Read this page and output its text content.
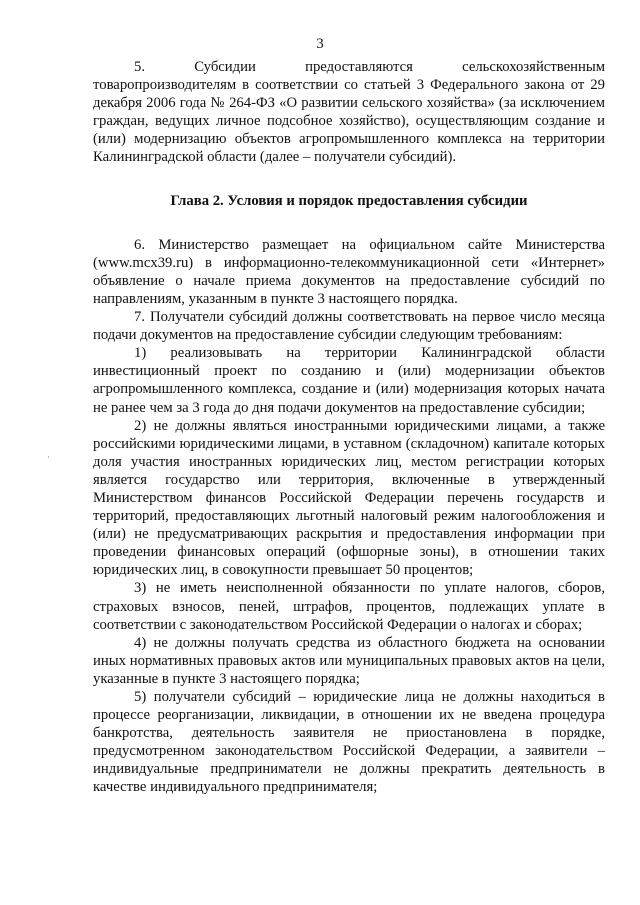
3
·

5. Субсидии предоставляются сельскохозяйственным товаропроизводителям в соответствии со статьей 3 Федерального закона от 29 декабря 2006 года № 264-ФЗ «О развитии сельского хозяйства» (за исключением граждан, ведущих личное подсобное хозяйство), осуществляющим создание и (или) модернизацию объектов агропромышленного комплекса на территории Калининградской области (далее – получатели субсидий).

Глава 2. Условия и порядок предоставления субсидии

6. Министерство размещает на официальном сайте Министерства (www.mcx39.ru) в информационно-телекоммуникационной сети «Интернет» объявление о начале приема документов на предоставление субсидий по направлениям, указанным в пункте 3 настоящего порядка.

7. Получатели субсидий должны соответствовать на первое число месяца подачи документов на предоставление субсидии следующим требованиям:

1) реализовывать на территории Калининградской области инвестиционный проект по созданию и (или) модернизации объектов агропромышленного комплекса, создание и (или) модернизация которых начата не ранее чем за 3 года до дня подачи документов на предоставление субсидии;

2) не должны являться иностранными юридическими лицами, а также российскими юридическими лицами, в уставном (складочном) капитале которых доля участия иностранных юридических лиц, местом регистрации которых является государство или территория, включенные в утвержденный Министерством финансов Российской Федерации перечень государств и территорий, предоставляющих льготный налоговый режим налогообложения и (или) не предусматривающих раскрытия и предоставления информации при проведении финансовых операций (офшорные зоны), в отношении таких юридических лиц, в совокупности превышает 50 процентов;

3) не иметь неисполненной обязанности по уплате налогов, сборов, страховых взносов, пеней, штрафов, процентов, подлежащих уплате в соответствии с законодательством Российской Федерации о налогах и сборах;

4) не должны получать средства из областного бюджета на основании иных нормативных правовых актов или муниципальных правовых актов на цели, указанные в пункте 3 настоящего порядка;

5) получатели субсидий – юридические лица не должны находиться в процессе реорганизации, ликвидации, в отношении их не введена процедура банкротства, деятельность заявителя не приостановлена в порядке, предусмотренном законодательством Российской Федерации, а заявители – индивидуальные предприниматели не должны прекратить деятельность в качестве индивидуального предпринимателя;
